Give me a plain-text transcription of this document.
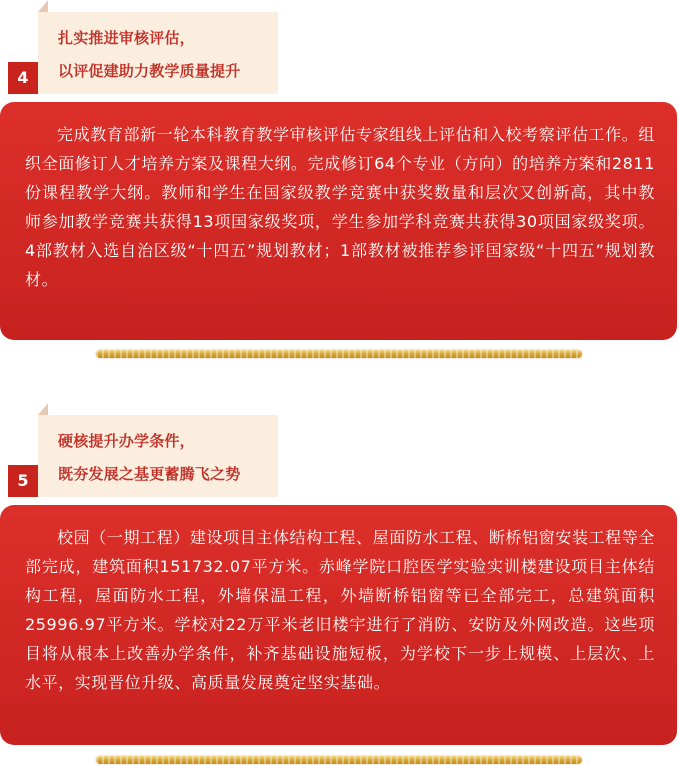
扎实推进审核评估，
以评促建助力教学质量提升
4

完成教育部新一轮本科教育教学审核评估专家组线上评估和入校考察评估工作。组织全面修订人才培养方案及课程大纲。完成修订64个专业（方向）的培养方案和2811份课程教学大纲。教师和学生在国家级教学竞赛中获奖数量和层次又创新高，其中教师参加教学竞赛共获得13项国家级奖项，学生参加学科竞赛共获得30项国家级奖项。4部教材入选自治区级“十四五”规划教材；1部教材被推荐参评国家级“十四五”规划教材。

硬核提升办学条件，
既夯发展之基更蓄腾飞之势
5

校园（一期工程）建设项目主体结构工程、屋面防水工程、断桥铝窗安装工程等全部完成，建筑面积151732.07平方米。赤峰学院口腔医学实验实训楼建设项目主体结构工程，屋面防水工程，外墙保温工程，外墙断桥铝窗等已全部完工，总建筑面积25996.97平方米。学校对22万平米老旧楼宇进行了消防、安防及外网改造。这些项目将从根本上改善办学条件，补齐基础设施短板，为学校下一步上规模、上层次、上水平，实现晋位升级、高质量发展奠定坚实基础。
